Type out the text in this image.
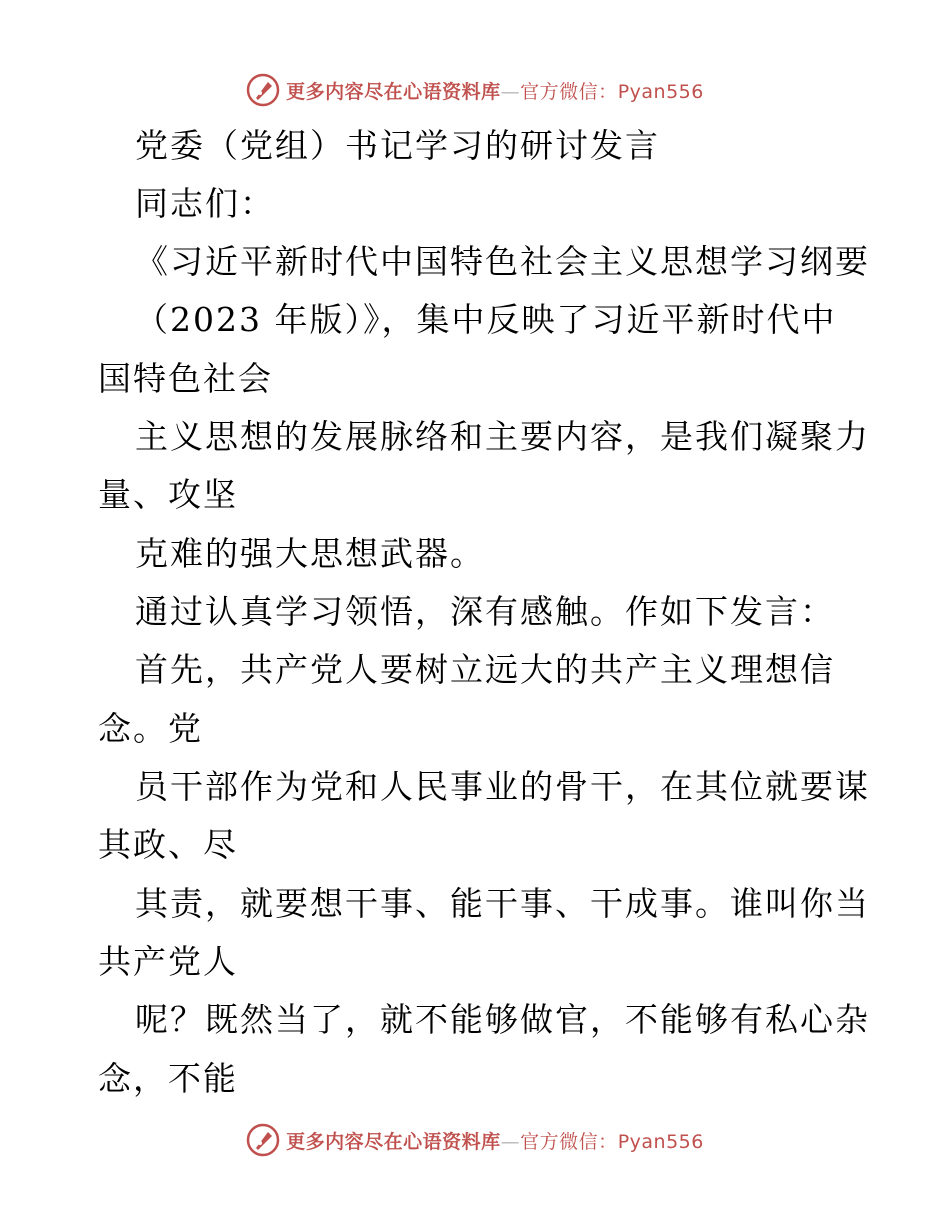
更多内容尽在心语资料库—官方微信：Pyan556
党委（党组）书记学习的研讨发言
同志们：
《习近平新时代中国特色社会主义思想学习纲要
（2023 年版）》，集中反映了习近平新时代中
国特色社会
主义思想的发展脉络和主要内容，是我们凝聚力
量、攻坚
克难的强大思想武器。
通过认真学习领悟，深有感触。作如下发言：
首先，共产党人要树立远大的共产主义理想信
念。党
员干部作为党和人民事业的骨干，在其位就要谋
其政、尽
其责，就要想干事、能干事、干成事。谁叫你当
共产党人
呢？既然当了，就不能够做官，不能够有私心杂
念，不能
更多内容尽在心语资料库—官方微信：Pyan556
